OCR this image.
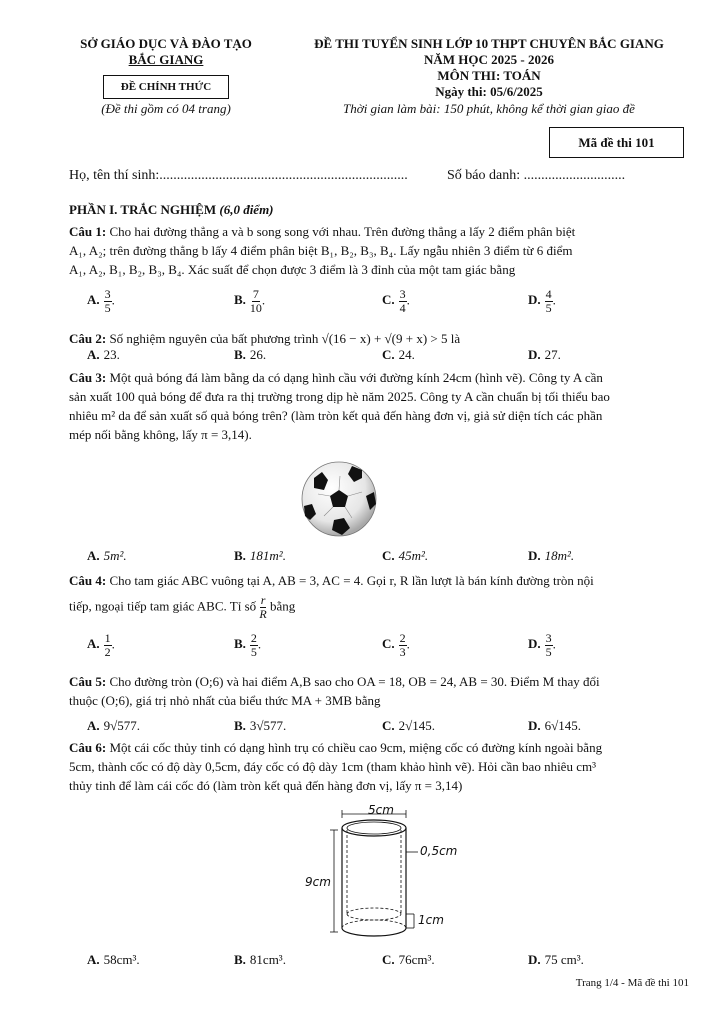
SỞ GIÁO DỤC VÀ ĐÀO TẠO
BẮC GIANG
ĐỀ CHÍNH THỨC
(Đề thi gồm có 04 trang)
ĐỀ THI TUYỂN SINH LỚP 10 THPT CHUYÊN BẮC GIANG
NĂM HỌC 2025 - 2026
MÔN THI: TOÁN
Ngày thi: 05/6/2025
Thời gian làm bài: 150 phút, không kể thời gian giao đề
Mã đề thi 101
Họ, tên thí sinh:.......................................................................	Số báo danh: .............................
PHẦN I. TRẮC NGHIỆM (6,0 điểm)
Câu 1: Cho hai đường thẳng a và b song song với nhau. Trên đường thẳng a lấy 2 điểm phân biệt
A₁, A₂; trên đường thẳng b lấy 4 điểm phân biệt B₁, B₂, B₃, B₄. Lấy ngẫu nhiên 3 điểm từ 6 điểm
A₁, A₂, B₁, B₂, B₃, B₄. Xác suất để chọn được 3 điểm là 3 đỉnh của một tam giác bằng
A. $\frac{3}{5}$ .	B. $\frac{7}{10}$ .	C. $\frac{3}{4}$ .	D. $\frac{4}{5}$ .
Câu 2: Số nghiệm nguyên của bất phương trình √(16 − x) + √(9 + x) > 5 là
A. 23.	B. 26.	C. 24.	D. 27.
Câu 3: Một quả bóng đá làm bằng da có dạng hình cầu với đường kính 24cm (hình vẽ). Công ty A cần
sản xuất 100 quả bóng để đưa ra thị trường trong dịp hè năm 2025. Công ty A cần chuẩn bị tối thiểu bao
nhiêu m² da để sản xuất số quả bóng trên? (làm tròn kết quả đến hàng đơn vị, giả sử diện tích các phần
mép nối bằng không, lấy π = 3,14).
A. 5m².	B. 181m².	C. 45m².	D. 18m².
Câu 4: Cho tam giác ABC vuông tại A, AB = 3, AC = 4. Gọi r, R lần lượt là bán kính đường tròn nội
tiếp, ngoại tiếp tam giác ABC. Tỉ số $\frac{r}{R}$ bằng
A. $\frac{1}{2}$ .	B. $\frac{2}{5}$ .	C. $\frac{2}{3}$ .	D. $\frac{3}{5}$ .
Câu 5: Cho đường tròn (O;6) và hai điểm A,B sao cho OA = 18, OB = 24, AB = 30. Điểm M thay đổi
thuộc (O;6), giá trị nhỏ nhất của biểu thức MA + 3MB bằng
A. 9√577.	B. 3√577.	C. 2√145.	D. 6√145.
Câu 6: Một cái cốc thủy tinh có dạng hình trụ có chiều cao 9cm, miệng cốc có đường kính ngoài bằng
5cm, thành cốc có độ dày 0,5cm, đáy cốc có độ dày 1cm (tham khảo hình vẽ). Hỏi cần bao nhiêu cm³
thủy tinh để làm cái cốc đó (làm tròn kết quả đến hàng đơn vị, lấy π = 3,14)
5cm
0,5cm
9cm
1cm
A. 58cm³.	B. 81cm³.	C. 76cm³.	D. 75 cm³.
Trang 1/4 - Mã đề thi 101
